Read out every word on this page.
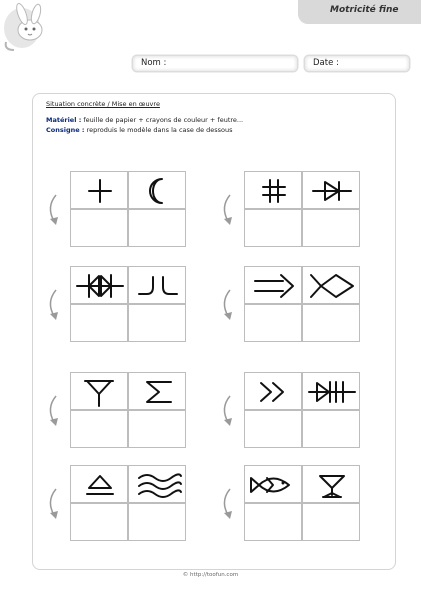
Motricité fine
Nom :	Date :
Situation concrète / Mise en œuvre
Matériel : feuille de papier + crayons de couleur + feutre...
Consigne : reproduis le modèle dans la case de dessous
© http://toofun.com
